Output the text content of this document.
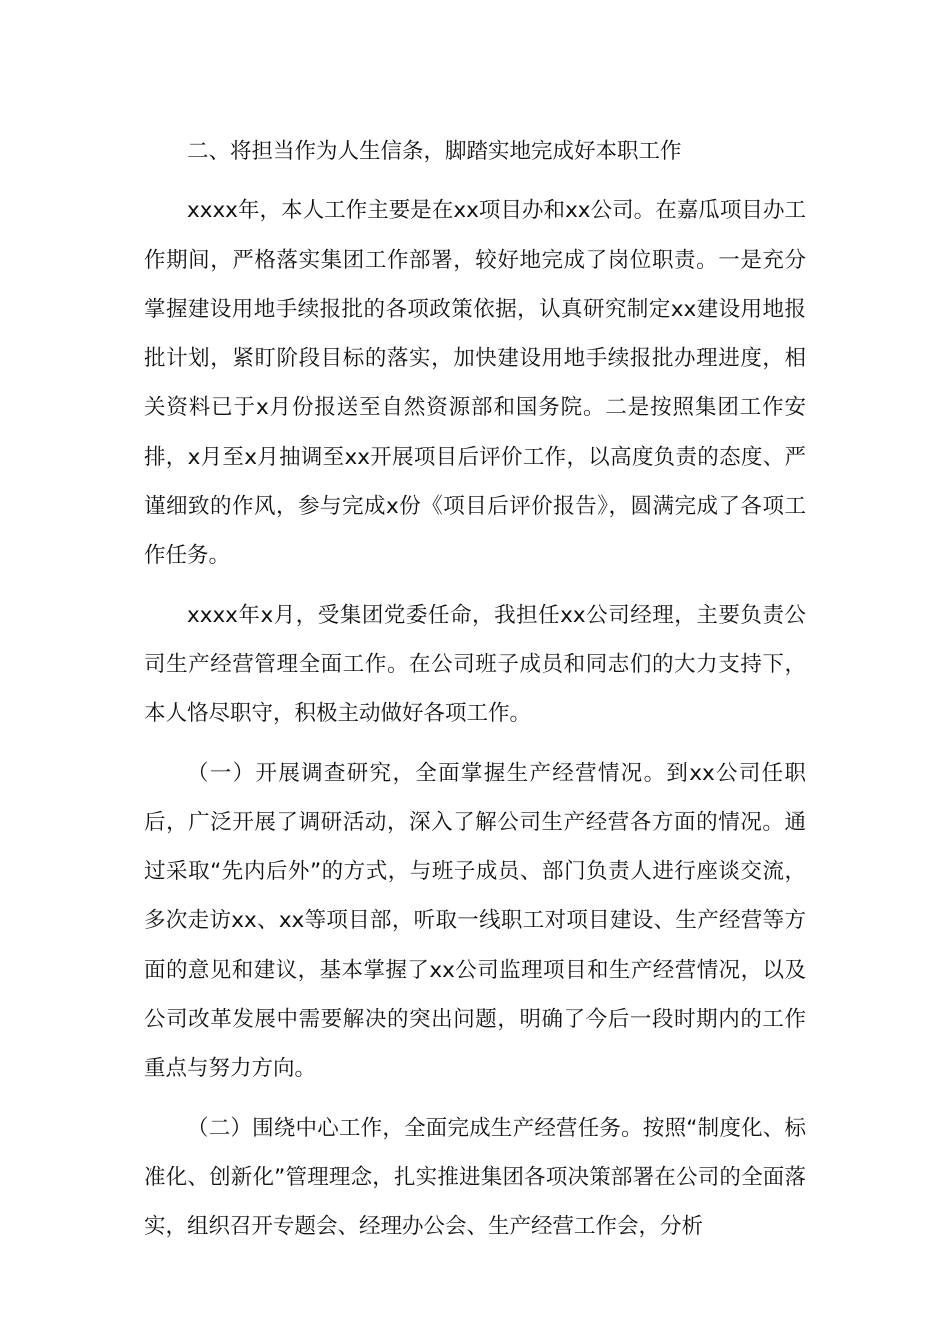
二、将担当作为人生信条，脚踏实地完成好本职工作

xxxx年，本人工作主要是在xx项目办和xx公司。在嘉瓜项目办工作期间，严格落实集团工作部署，较好地完成了岗位职责。一是充分掌握建设用地手续报批的各项政策依据，认真研究制定xx建设用地报批计划，紧盯阶段目标的落实，加快建设用地手续报批办理进度，相关资料已于x月份报送至自然资源部和国务院。二是按照集团工作安排，x月至x月抽调至xx开展项目后评价工作，以高度负责的态度、严谨细致的作风，参与完成x份《项目后评价报告》，圆满完成了各项工作任务。

xxxx年x月，受集团党委任命，我担任xx公司经理，主要负责公司生产经营管理全面工作。在公司班子成员和同志们的大力支持下，本人恪尽职守，积极主动做好各项工作。

（一）开展调查研究，全面掌握生产经营情况。到xx公司任职后，广泛开展了调研活动，深入了解公司生产经营各方面的情况。通过采取“先内后外”的方式，与班子成员、部门负责人进行座谈交流，多次走访xx、xx等项目部，听取一线职工对项目建设、生产经营等方面的意见和建议，基本掌握了xx公司监理项目和生产经营情况，以及公司改革发展中需要解决的突出问题，明确了今后一段时期内的工作重点与努力方向。

（二）围绕中心工作，全面完成生产经营任务。按照“制度化、标准化、创新化”管理理念，扎实推进集团各项决策部署在公司的全面落实，组织召开专题会、经理办公会、生产经营工作会，分析
